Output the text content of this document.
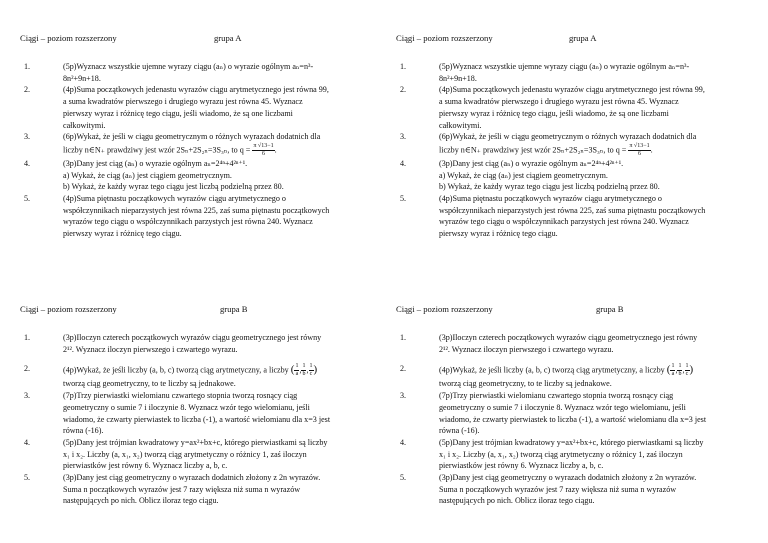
Ciągi – poziom rozszerzony	grupa A
1.	(5p)Wyznacz wszystkie ujemne wyrazy ciągu (aₙ) o wyrazie ogólnym aₙ=n³-
8n²+9n+18.
2.	(4p)Suma początkowych jedenastu wyrazów ciągu arytmetycznego jest równa 99,
a suma kwadratów pierwszego i drugiego wyrazu jest równa 45. Wyznacz
pierwszy wyraz i różnicę tego ciągu, jeśli wiadomo, że są one liczbami
całkowitymi.
3.	(6p)Wykaż, że jeśli w ciągu geometrycznym o różnych wyrazach dodatnich dla
liczby n∈N₊ prawdziwy jest wzór 2Sₙ+2S₂ₙ=3S₃ₙ, to $q = \frac{\pi √13-1}{6}$ .
4.	(3p)Dany jest ciąg (aₙ) o wyrazie ogólnym aₙ=2⁴ⁿ+4²ⁿ⁺¹.
a) Wykaż, że ciąg (aₙ) jest ciągiem geometrycznym.
b) Wykaż, że każdy wyraz tego ciągu jest liczbą podzielną przez 80.
5.	(4p)Suma piętnastu początkowych wyrazów ciągu arytmetycznego o
współczynnikach nieparzystych jest równa 225, zaś suma piętnastu początkowych
wyrazów tego ciągu o współczynnikach parzystych jest równa 240. Wyznacz
pierwszy wyraz i różnicę tego ciągu.
Ciągi – poziom rozszerzony	grupa A
1.	(5p)Wyznacz wszystkie ujemne wyrazy ciągu (aₙ) o wyrazie ogólnym aₙ=n³-
8n²+9n+18.
2.	(4p)Suma początkowych jedenastu wyrazów ciągu arytmetycznego jest równa 99,
a suma kwadratów pierwszego i drugiego wyrazu jest równa 45. Wyznacz
pierwszy wyraz i różnicę tego ciągu, jeśli wiadomo, że są one liczbami
całkowitymi.
3.	(6p)Wykaż, że jeśli w ciągu geometrycznym o różnych wyrazach dodatnich dla
liczby n∈N₊ prawdziwy jest wzór 2Sₙ+2S₂ₙ=3S₃ₙ, to $q = \frac{\pi √13-1}{6}$ .
4.	(3p)Dany jest ciąg (aₙ) o wyrazie ogólnym aₙ=2⁴ⁿ+4²ⁿ⁺¹.
a) Wykaż, że ciąg (aₙ) jest ciągiem geometrycznym.
b) Wykaż, że każdy wyraz tego ciągu jest liczbą podzielną przez 80.
5.	(4p)Suma piętnastu początkowych wyrazów ciągu arytmetycznego o
współczynnikach nieparzystych jest równa 225, zaś suma piętnastu początkowych
wyrazów tego ciągu o współczynnikach parzystych jest równa 240. Wyznacz
pierwszy wyraz i różnicę tego ciągu.
Ciągi – poziom rozszerzony	grupa B
1.	(3p)Iloczyn czterech początkowych wyrazów ciągu geometrycznego jest równy
2¹². Wyznacz iloczyn pierwszego i czwartego wyrazu.
2.	(4p)Wykaż, że jeśli liczby (a, b, c) tworzą ciąg arytmetyczny, a liczby ( $\frac{1}{a}$ , $\frac{1}{b}$ , $\frac{1}{c}$ )
tworzą ciąg geometryczny, to te liczby są jednakowe.
3.	(7p)Trzy pierwiastki wielomianu czwartego stopnia tworzą rosnący ciąg
geometryczny o sumie 7 i iloczynie 8. Wyznacz wzór tego wielomianu, jeśli
wiadomo, że czwarty pierwiastek to liczba (-1), a wartość wielomianu dla x=3 jest
równa (-16).
4.	(5p)Dany jest trójmian kwadratowy y=ax²+bx+c, którego pierwiastkami są liczby
x₁ i x₂. Liczby (a, x₁, x₂) tworzą ciąg arytmetyczny o różnicy 1, zaś iloczyn
pierwiastków jest równy 6. Wyznacz liczby a, b, c.
5.	(3p)Dany jest ciąg geometryczny o wyrazach dodatnich złożony z 2n wyrazów.
Suma n początkowych wyrazów jest 7 razy większa niż suma n wyrazów
następujących po nich. Oblicz iloraz tego ciągu.
Ciągi – poziom rozszerzony	grupa B
1.	(3p)Iloczyn czterech początkowych wyrazów ciągu geometrycznego jest równy
2¹². Wyznacz iloczyn pierwszego i czwartego wyrazu.
2.	(4p)Wykaż, że jeśli liczby (a, b, c) tworzą ciąg arytmetyczny, a liczby ( $\frac{1}{a}$ , $\frac{1}{b}$ , $\frac{1}{c}$ )
tworzą ciąg geometryczny, to te liczby są jednakowe.
3.	(7p)Trzy pierwiastki wielomianu czwartego stopnia tworzą rosnący ciąg
geometryczny o sumie 7 i iloczynie 8. Wyznacz wzór tego wielomianu, jeśli
wiadomo, że czwarty pierwiastek to liczba (-1), a wartość wielomianu dla x=3 jest
równa (-16).
4.	(5p)Dany jest trójmian kwadratowy y=ax²+bx+c, którego pierwiastkami są liczby
x₁ i x₂. Liczby (a, x₁, x₂) tworzą ciąg arytmetyczny o różnicy 1, zaś iloczyn
pierwiastków jest równy 6. Wyznacz liczby a, b, c.
5.	(3p)Dany jest ciąg geometryczny o wyrazach dodatnich złożony z 2n wyrazów.
Suma n początkowych wyrazów jest 7 razy większa niż suma n wyrazów
następujących po nich. Oblicz iloraz tego ciągu.
